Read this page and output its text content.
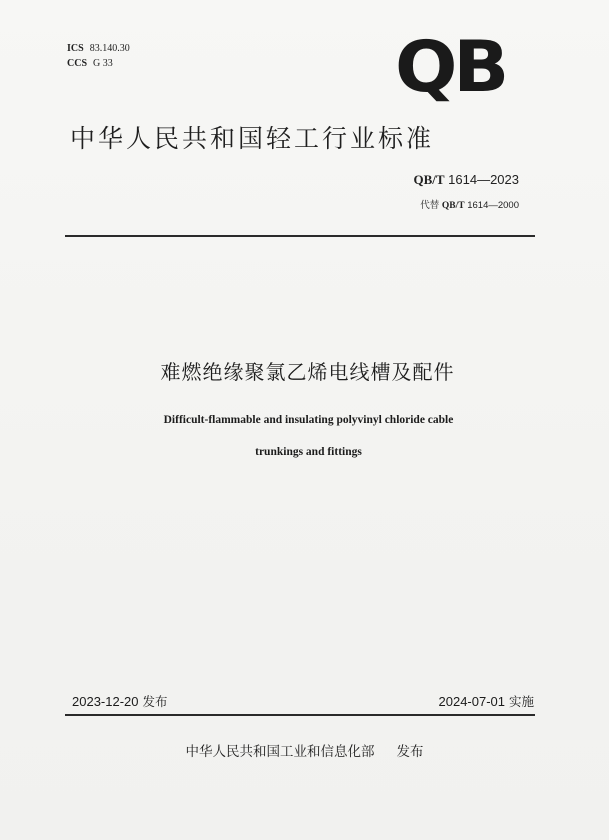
ICS 83.140.30
CCS G 33	QB
中华人民共和国轻工行业标准
QB/T 1614—2023
代替 QB/T 1614—2000
难燃绝缘聚氯乙烯电线槽及配件
Difficult-flammable and insulating polyvinyl chloride cable
trunkings and fittings
2023-12-20 发布	2024-07-01 实施
中华人民共和国工业和信息化部 发布
